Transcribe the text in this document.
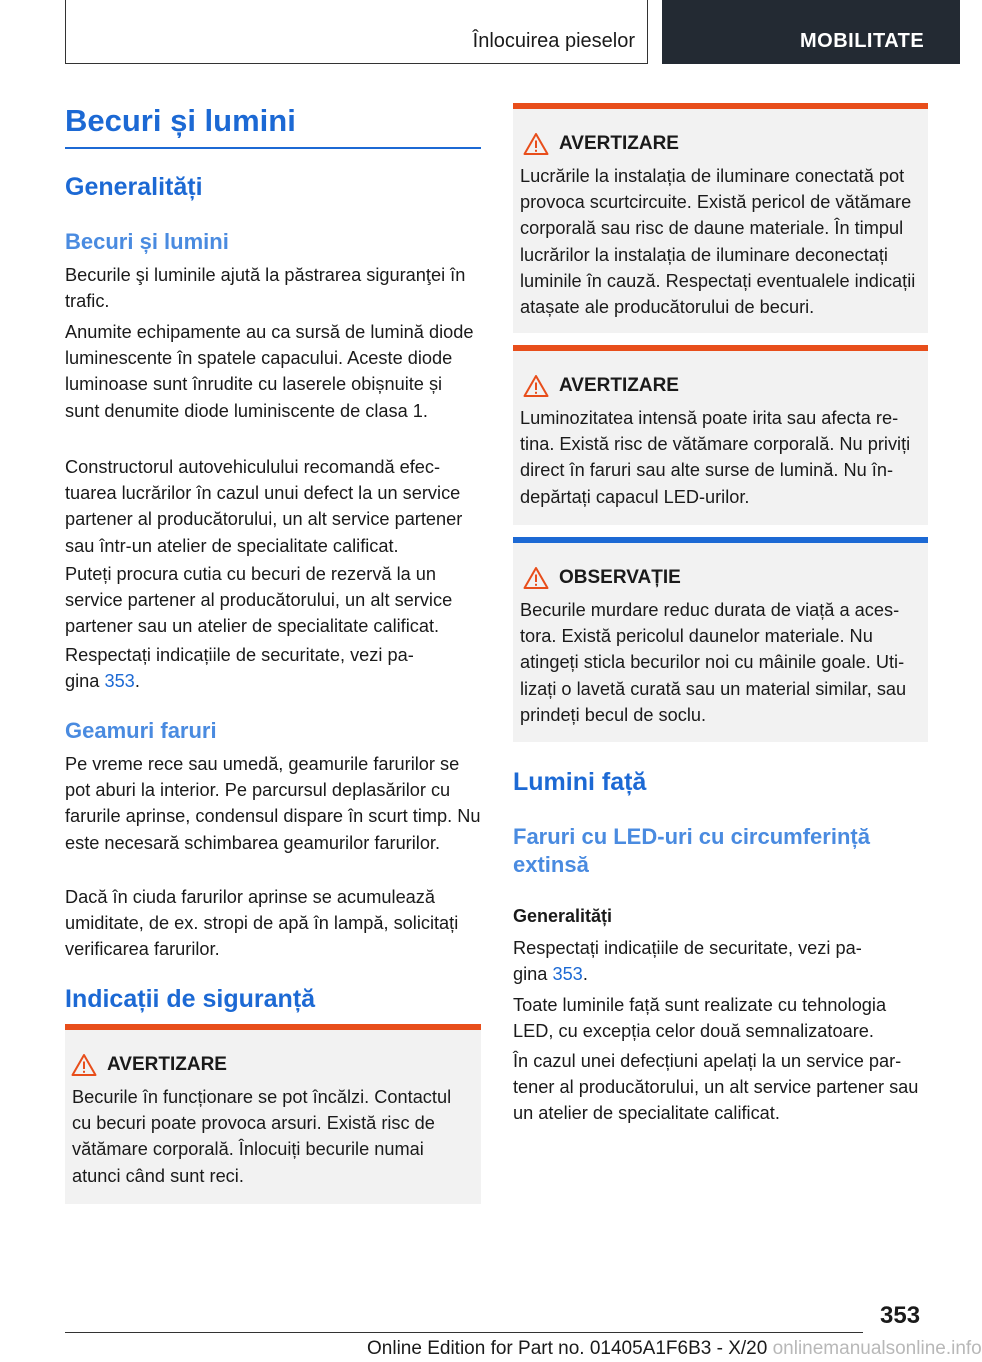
Înlocuirea pieselor	MOBILITATE
Becuri și lumini
Generalități
Becuri și lumini

Becurile şi luminile ajută la păstrarea siguranţei în trafic.

Anumite echipamente au ca sursă de lumină diode luminescente în spatele capacului. Aceste diode luminoase sunt înrudite cu laserele obișnuite și sunt denumite diode luminiscente de clasa 1.

Constructorul autovehiculului recomandă efectuarea lucrărilor în cazul unui defect la un service partener al producătorului, un alt service partener sau într-un atelier de specialitate calificat.

Puteți procura cutia cu becuri de rezervă la un service partener al producătorului, un alt service partener sau un atelier de specialitate calificat.

Respectați indicațiile de securitate, vezi pagina 353.

Geamuri faruri

Pe vreme rece sau umedă, geamurile farurilor se pot aburi la interior. Pe parcursul deplasărilor cu farurile aprinse, condensul dispare în scurt timp. Nu este necesară schimbarea geamurilor farurilor.

Dacă în ciuda farurilor aprinse se acumulează umiditate, de ex. stropi de apă în lampă, solicitați verificarea farurilor.

Indicații de siguranță
AVERTIZARE

Becurile în funcționare se pot încălzi. Contactul cu becuri poate provoca arsuri. Există risc de vătămare corporală. Înlocuiți becurile numai atunci când sunt reci.

AVERTIZARE

Lucrările la instalația de iluminare conectată pot provoca scurtcircuite. Există pericol de vătămare corporală sau risc de daune materiale. În timpul lucrărilor la instalația de iluminare deconectați luminile în cauză. Respectați eventualele indicații atașate ale producătorului de becuri.

AVERTIZARE

Luminozitatea intensă poate irita sau afecta retina. Există risc de vătămare corporală. Nu priviți direct în faruri sau alte surse de lumină. Nu îndepărtați capacul LED-urilor.

OBSERVAȚIE

Becurile murdare reduc durata de viață a acestora. Există pericolul daunelor materiale. Nu atingeți sticla becurilor noi cu mâinile goale. Utilizați o lavetă curată sau un material similar, sau prindeți becul de soclu.

Lumini față
Faruri cu LED-uri cu circumferință extinsă
Generalități

Respectați indicațiile de securitate, vezi pagina 353.

Toate luminile față sunt realizate cu tehnologia LED, cu excepția celor două semnalizatoare.

În cazul unei defecțiuni apelați la un service partener al producătorului, un alt service partener sau un atelier de specialitate calificat.

353
Online Edition for Part no. 01405A1F6B3 - X/20 onlinemanualsonline.info
